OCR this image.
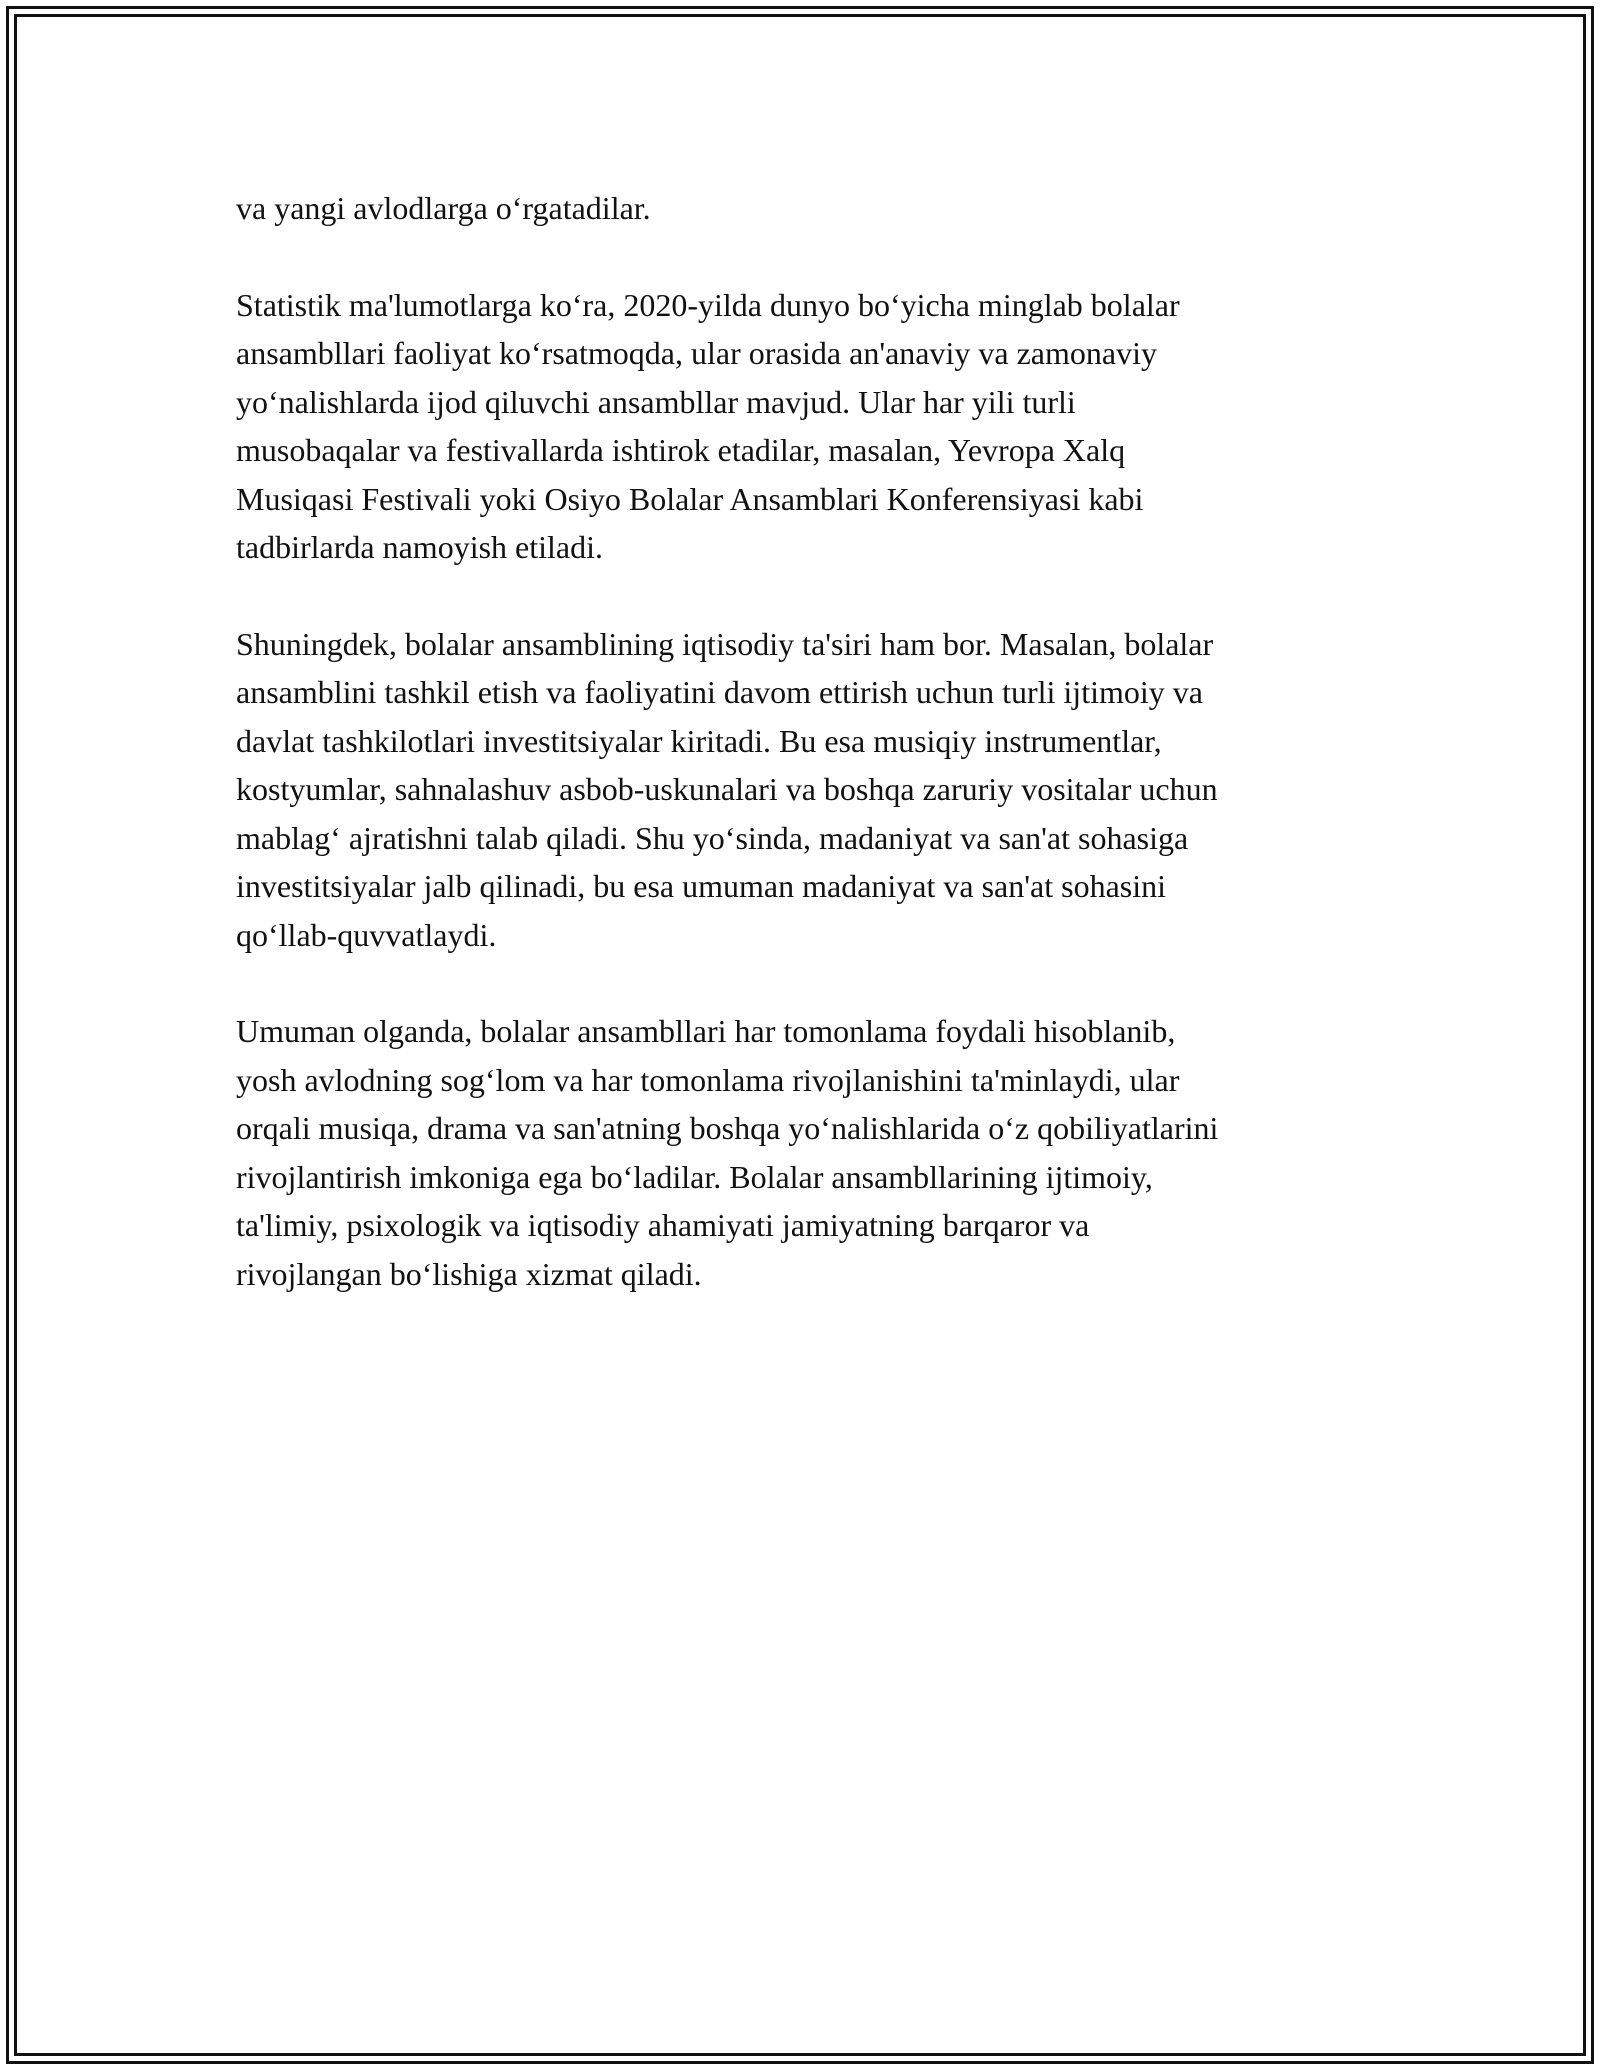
va yangi avlodlarga o‘rgatadilar.

Statistik ma'lumotlarga ko‘ra, 2020-yilda dunyo bo‘yicha minglab bolalar
ansambllari faoliyat ko‘rsatmoqda, ular orasida an'anaviy va zamonaviy
yo‘nalishlarda ijod qiluvchi ansambllar mavjud. Ular har yili turli
musobaqalar va festivallarda ishtirok etadilar, masalan, Yevropa Xalq
Musiqasi Festivali yoki Osiyo Bolalar Ansamblari Konferensiyasi kabi
tadbirlarda namoyish etiladi.

Shuningdek, bolalar ansamblining iqtisodiy ta'siri ham bor. Masalan, bolalar
ansamblini tashkil etish va faoliyatini davom ettirish uchun turli ijtimoiy va
davlat tashkilotlari investitsiyalar kiritadi. Bu esa musiqiy instrumentlar,
kostyumlar, sahnalashuv asbob-uskunalari va boshqa zaruriy vositalar uchun
mablag‘ ajratishni talab qiladi. Shu yo‘sinda, madaniyat va san'at sohasiga
investitsiyalar jalb qilinadi, bu esa umuman madaniyat va san'at sohasini
qo‘llab-quvvatlaydi.

Umuman olganda, bolalar ansambllari har tomonlama foydali hisoblanib,
yosh avlodning sog‘lom va har tomonlama rivojlanishini ta'minlaydi, ular
orqali musiqa, drama va san'atning boshqa yo‘nalishlarida o‘z qobiliyatlarini
rivojlantirish imkoniga ega bo‘ladilar. Bolalar ansambllarining ijtimoiy,
ta'limiy, psixologik va iqtisodiy ahamiyati jamiyatning barqaror va
rivojlangan bo‘lishiga xizmat qiladi.
